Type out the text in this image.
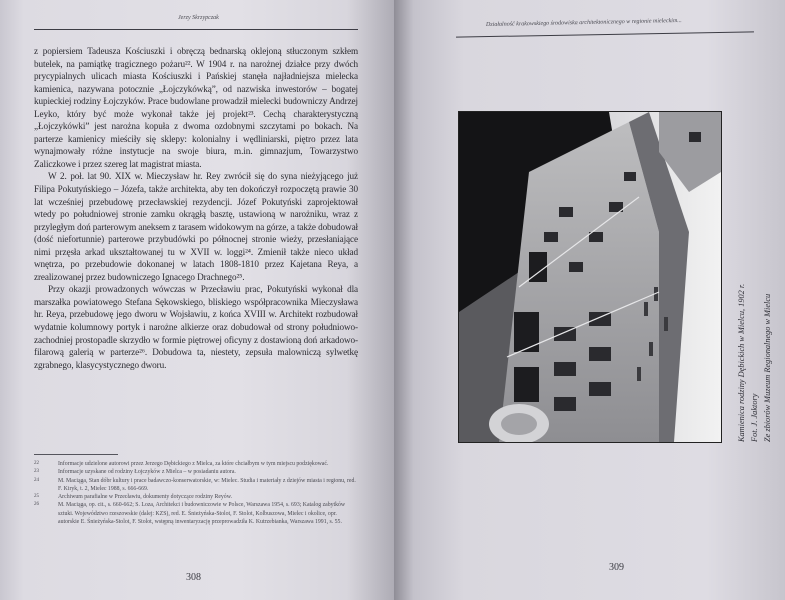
Jerzy Skrzypczak

z popiersiem Tadeusza Kościuszki i obręczą bednarską oklejoną stłuczonym szkłem butelek, na pamiątkę tragicznego pożaru²². W 1904 r. na narożnej działce przy dwóch prycypialnych ulicach miasta Kościuszki i Pańskiej stanęła najładniejsza mielecka kamienica, nazywana potocznie „Łojczykówką”, od nazwiska inwestorów – bogatej kupieckiej rodziny Łojczyków. Prace budowlane prowadził mielecki budowniczy Andrzej Leyko, który być może wykonał także jej projekt²³. Cechą charakterystyczną „Łojczykówki” jest narożna kopuła z dwoma ozdobnymi szczytami po bokach. Na parterze kamienicy mieściły się sklepy: kolonialny i wędliniarski, piętro przez lata wynajmowały różne instytucje na swoje biura, m.in. gimnazjum, Towarzystwo Zaliczkowe i przez szereg lat magistrat miasta.

W 2. poł. lat 90. XIX w. Mieczysław hr. Rey zwrócił się do syna nieżyjącego już Filipa Pokutyńskiego – Józefa, także architekta, aby ten dokończył rozpoczętą prawie 30 lat wcześniej przebudowę przecławskiej rezydencji. Józef Pokutyński zaprojektował wtedy po południowej stronie zamku okrągłą basztę, ustawioną w narożniku, wraz z przyległym doń parterowym aneksem z tarasem widokowym na górze, a także dobudował (dość niefortunnie) parterowe przybudówki po północnej stronie wieży, przesłaniające nimi przęsła arkad ukształtowanej tu w XVII w. loggi²⁴. Zmienił także nieco układ wnętrza, po przebudowie dokonanej w latach 1808-1810 przez Kajetana Reya, a zrealizowanej przez budowniczego Ignacego Drachnego²⁵.

Przy okazji prowadzonych wówczas w Przecławiu prac, Pokutyński wykonał dla marszałka powiatowego Stefana Sękowskiego, bliskiego współpracownika Mieczysława hr. Reya, przebudowę jego dworu w Wojsławiu, z końca XVIII w. Architekt rozbudował wydatnie kolumnowy portyk i narożne alkierze oraz dobudował od strony południowo-zachodniej prostopadle skrzydło w formie piętrowej oficyny z dostawioną doń arkadowo-filarową galerią w parterze²⁶. Dobudowa ta, niestety, zepsuła malowniczą sylwetkę zgrabnego, klasycystycznego dworu.

22	Informacje udzielone autorowi przez Jerzego Dębickiego z Mielca, za które chciałbym w tym miejscu podziękować.
23	Informacje uzyskane od rodziny Łojczyków z Mielca – w posiadaniu autora.
24	M. Maciąga, Stan dóbr kultury i prace badawczo-konserwatorskie, w: Mielec. Studia i materiały z dziejów miasta i regionu, red. F. Kiryk, t. 2, Mielec 1988, s. 666-669.
25	Archiwum parafialne w Przecławiu, dokumenty dotyczące rodziny Reyów.
26	M. Maciąga, op. cit., s. 660-662; S. Loza, Architekci i budowniczowie w Polsce, Warszawa 1954, s. 693; Katalog zabytków sztuki. Województwo rzeszowskie (dalej: KZS), red. E. Śnieżyńska-Stolot, F. Stolot, Kolbuszowa, Mielec i okolice, opr. autorskie E. Śnieżyńska-Stolot, F. Stolot, wstępną inwentaryzację przeprowadziła K. Kutrzebianka, Warszawa 1991, s. 55.
308
Działalność krakowskiego środowiska architektonicznego w regionie mieleckim...
309
Kamienica rodziny Dębickich w Mielcu, 1902 r. Fot. J. Jaktory Ze zbiorów Muzeum Regionalnego w Mielcu
